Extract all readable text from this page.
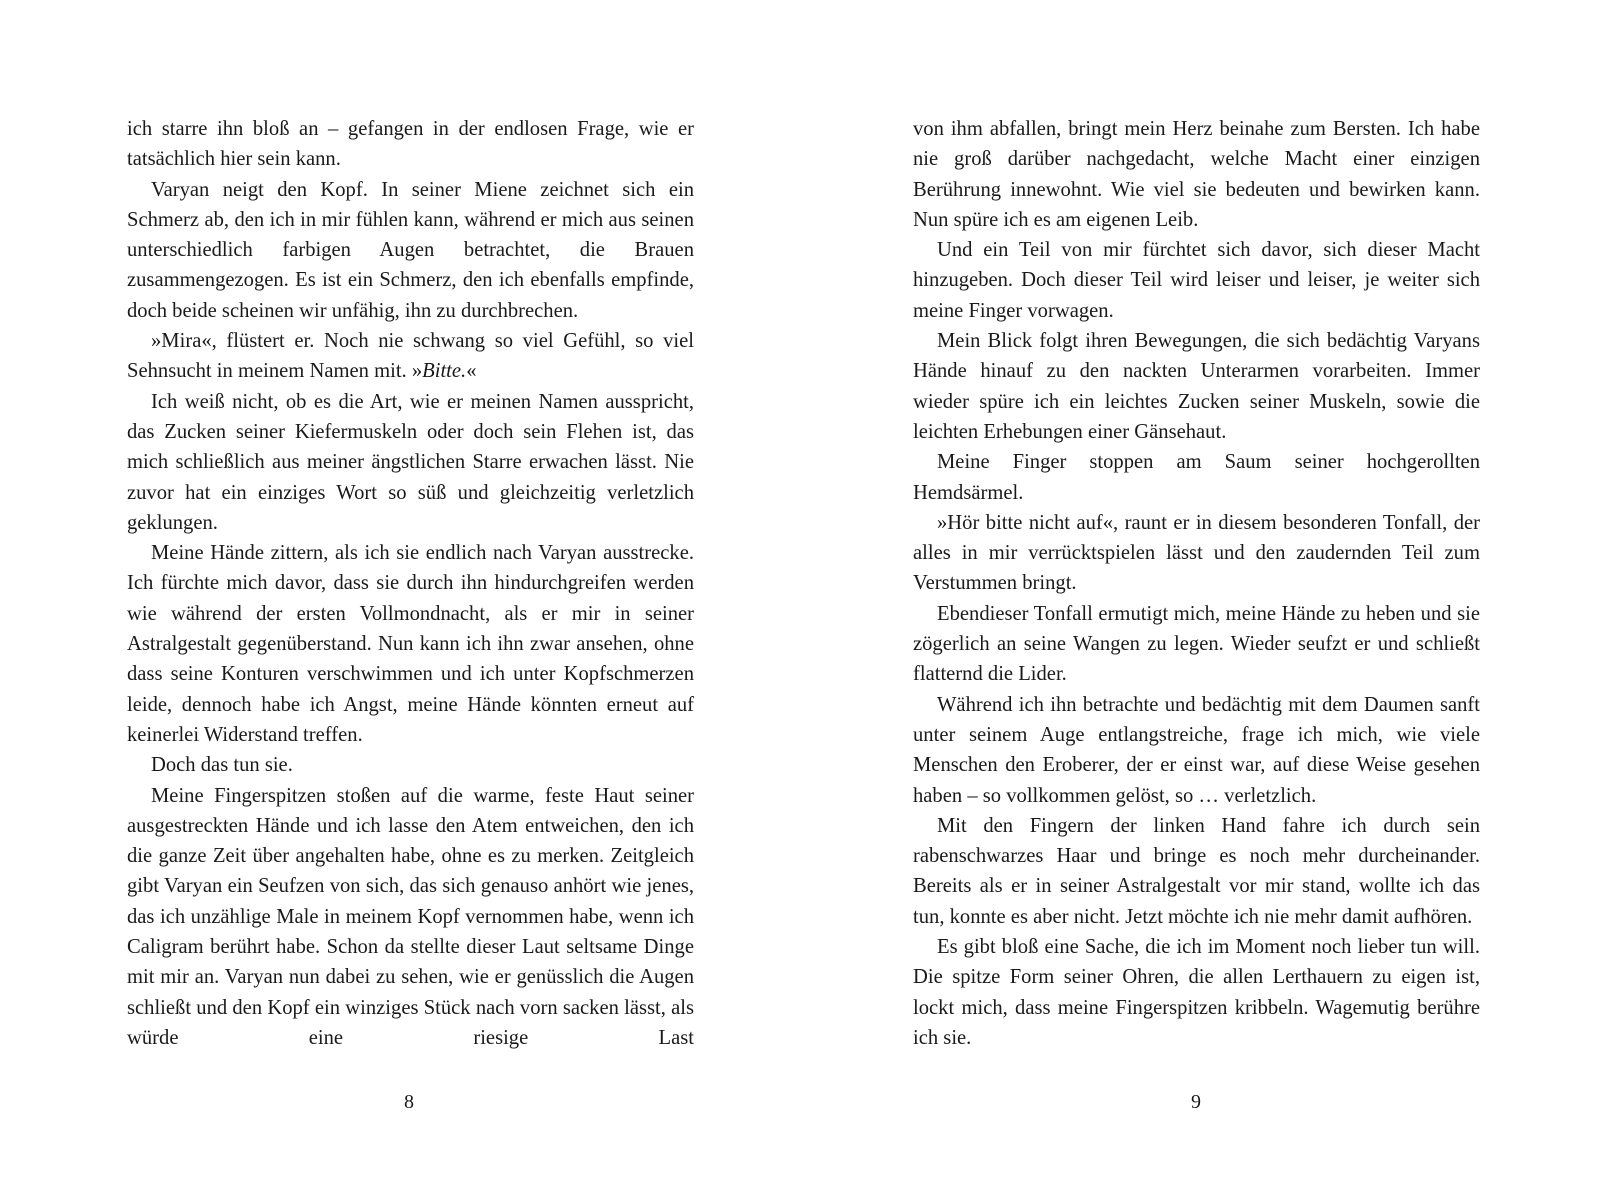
ich starre ihn bloß an – gefangen in der endlosen Frage, wie er tatsächlich hier sein kann.

Varyan neigt den Kopf. In seiner Miene zeichnet sich ein Schmerz ab, den ich in mir fühlen kann, während er mich aus seinen unterschiedlich farbigen Augen betrachtet, die Brauen zusammengezogen. Es ist ein Schmerz, den ich ebenfalls empfinde, doch beide scheinen wir unfähig, ihn zu durchbrechen.

»Mira«, flüstert er. Noch nie schwang so viel Gefühl, so viel Sehnsucht in meinem Namen mit. »Bitte.«

Ich weiß nicht, ob es die Art, wie er meinen Namen ausspricht, das Zucken seiner Kiefermuskeln oder doch sein Flehen ist, das mich schließlich aus meiner ängstlichen Starre erwachen lässt. Nie zuvor hat ein einziges Wort so süß und gleichzeitig verletzlich geklungen.

Meine Hände zittern, als ich sie endlich nach Varyan ausstrecke. Ich fürchte mich davor, dass sie durch ihn hindurchgreifen werden wie während der ersten Vollmondnacht, als er mir in seiner Astralgestalt gegenüberstand. Nun kann ich ihn zwar ansehen, ohne dass seine Konturen verschwimmen und ich unter Kopfschmerzen leide, dennoch habe ich Angst, meine Hände könnten erneut auf keinerlei Widerstand treffen.

Doch das tun sie.

Meine Fingerspitzen stoßen auf die warme, feste Haut seiner ausgestreckten Hände und ich lasse den Atem entweichen, den ich die ganze Zeit über angehalten habe, ohne es zu merken. Zeitgleich gibt Varyan ein Seufzen von sich, das sich genauso anhört wie jenes, das ich unzählige Male in meinem Kopf vernommen habe, wenn ich Caligram berührt habe. Schon da stellte dieser Laut seltsame Dinge mit mir an. Varyan nun dabei zu sehen, wie er genüsslich die Augen schließt und den Kopf ein winziges Stück nach vorn sacken lässt, als würde eine riesige Last

8

von ihm abfallen, bringt mein Herz beinahe zum Bersten. Ich habe nie groß darüber nachgedacht, welche Macht einer einzigen Berührung innewohnt. Wie viel sie bedeuten und bewirken kann. Nun spüre ich es am eigenen Leib.

Und ein Teil von mir fürchtet sich davor, sich dieser Macht hinzugeben. Doch dieser Teil wird leiser und leiser, je weiter sich meine Finger vorwagen.

Mein Blick folgt ihren Bewegungen, die sich bedächtig Varyans Hände hinauf zu den nackten Unterarmen vorarbeiten. Immer wieder spüre ich ein leichtes Zucken seiner Muskeln, sowie die leichten Erhebungen einer Gänsehaut.

Meine Finger stoppen am Saum seiner hochgerollten Hemdsärmel.

»Hör bitte nicht auf«, raunt er in diesem besonderen Tonfall, der alles in mir verrücktspielen lässt und den zaudernden Teil zum Verstummen bringt.

Ebendieser Tonfall ermutigt mich, meine Hände zu heben und sie zögerlich an seine Wangen zu legen. Wieder seufzt er und schließt flatternd die Lider.

Während ich ihn betrachte und bedächtig mit dem Daumen sanft unter seinem Auge entlangstreiche, frage ich mich, wie viele Menschen den Eroberer, der er einst war, auf diese Weise gesehen haben – so vollkommen gelöst, so … verletzlich.

Mit den Fingern der linken Hand fahre ich durch sein rabenschwarzes Haar und bringe es noch mehr durcheinander. Bereits als er in seiner Astralgestalt vor mir stand, wollte ich das tun, konnte es aber nicht. Jetzt möchte ich nie mehr damit aufhören.

Es gibt bloß eine Sache, die ich im Moment noch lieber tun will. Die spitze Form seiner Ohren, die allen Lerthauern zu eigen ist, lockt mich, dass meine Fingerspitzen kribbeln. Wagemutig berühre ich sie.

9
